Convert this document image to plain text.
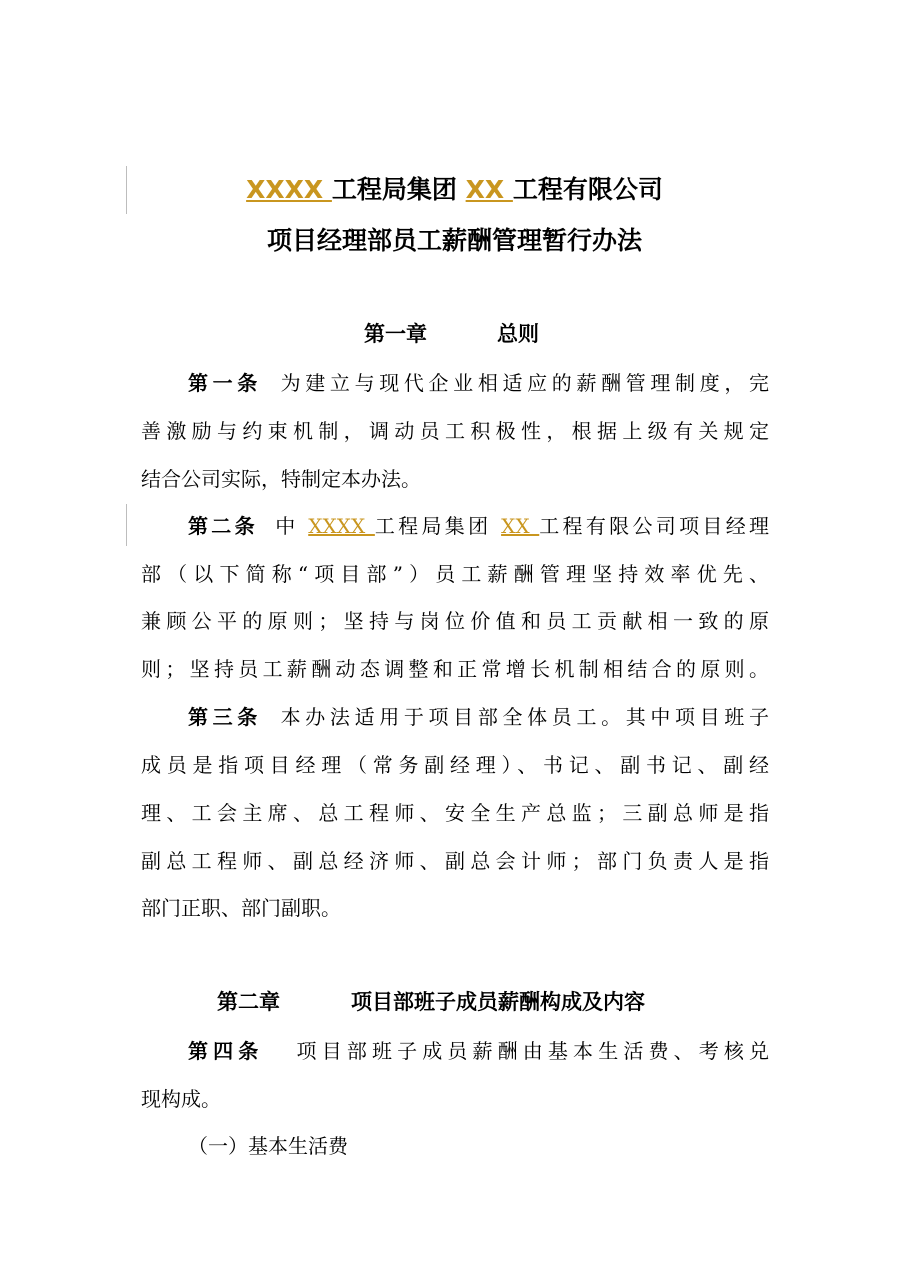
XXXX 工程局集团 XX 工程有限公司
项目经理部员工薪酬管理暂行办法
第一章	总则
第一条 为建立与现代企业相适应的薪酬管理制度，完
善激励与约束机制，调动员工积极性，根据上级有关规定
结合公司实际，特制定本办法。
第二条 中 XXXX 工程局集团 XX 工程有限公司项目经理
部（以下简称“项目部”）员工薪酬管理坚持效率优先、
兼顾公平的原则；坚持与岗位价值和员工贡献相一致的原
则；坚持员工薪酬动态调整和正常增长机制相结合的原则。
第三条 本办法适用于项目部全体员工。其中项目班子
成员是指项目经理（常务副经理）、书记、副书记、副经
理、工会主席、总工程师、安全生产总监；三副总师是指
副总工程师、副总经济师、副总会计师；部门负责人是指
部门正职、部门副职。
第二章	项目部班子成员薪酬构成及内容
第四条 项目部班子成员薪酬由基本生活费、考核兑
现构成。
（一）基本生活费
